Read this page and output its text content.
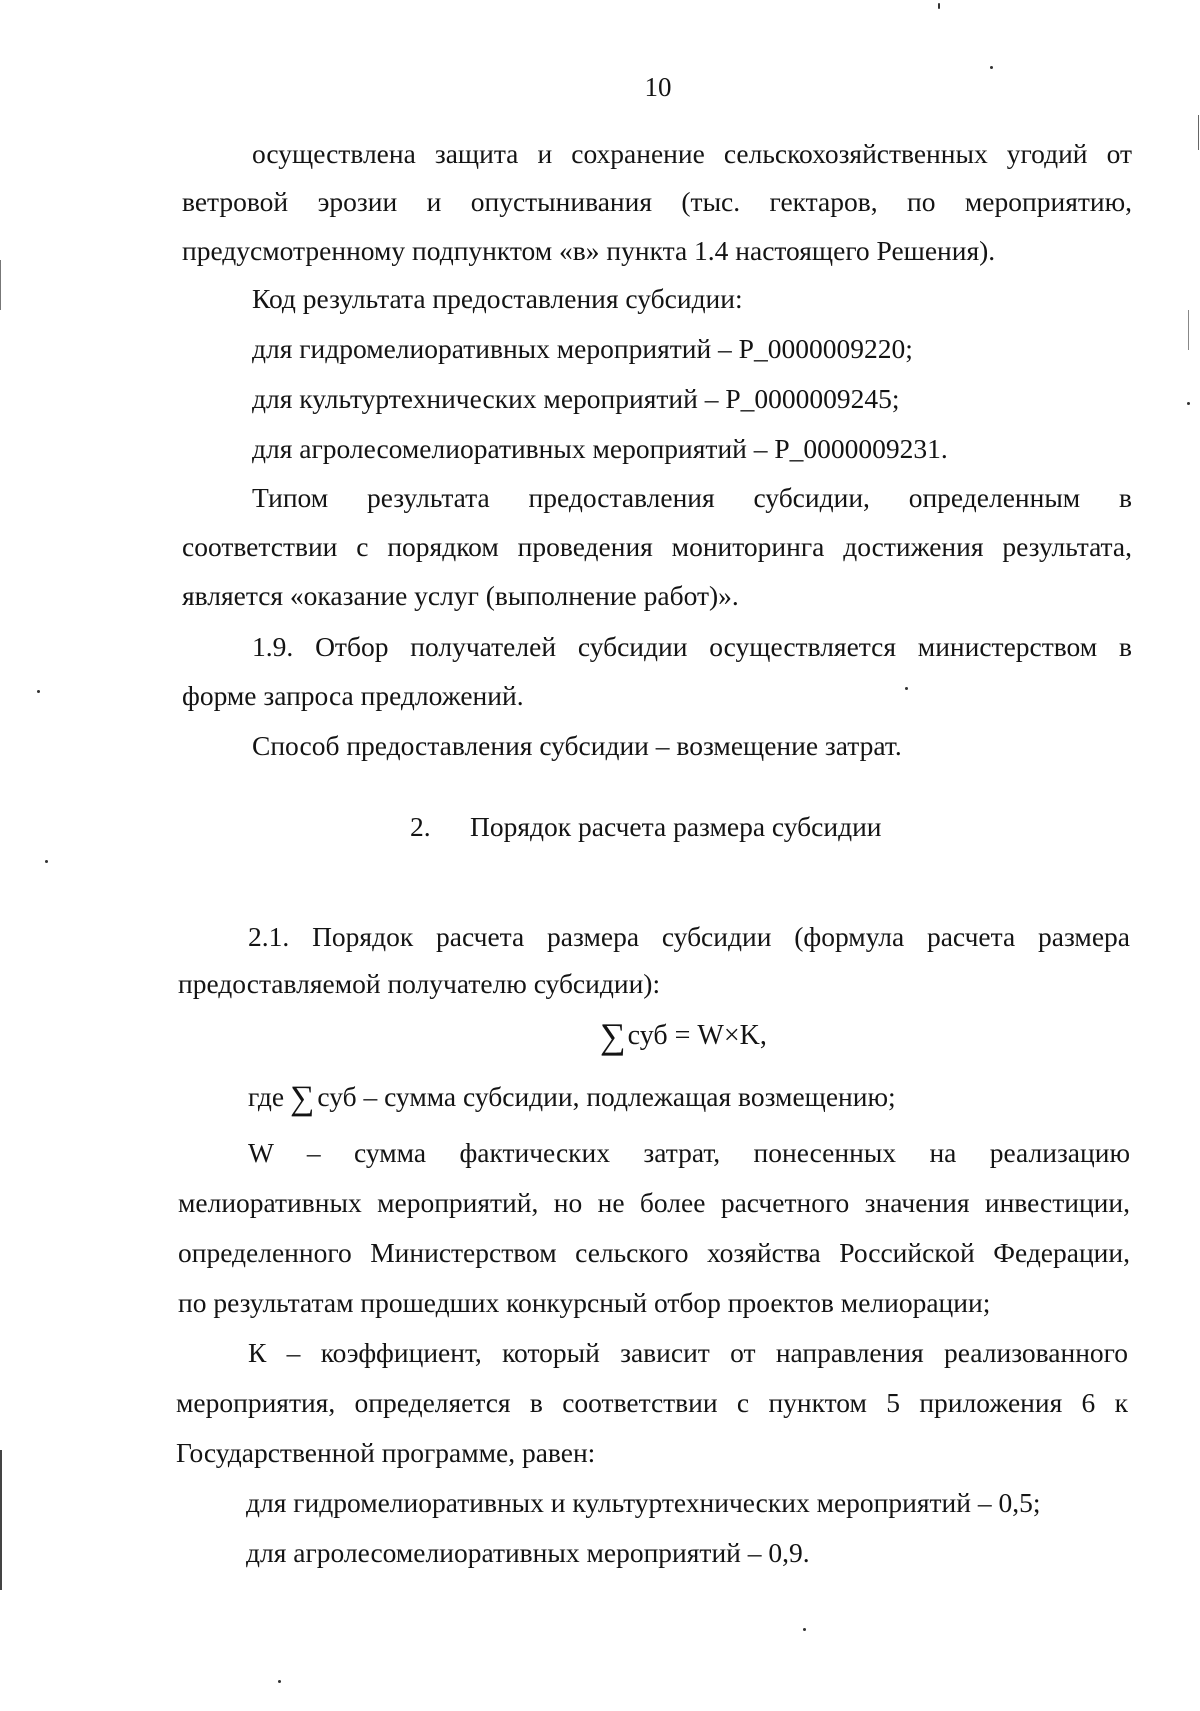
10
осуществлена защита и сохранение сельскохозяйственных угодий от
ветровой эрозии и опустынивания (тыс. гектаров, по мероприятию,
предусмотренному подпунктом «в» пункта 1.4 настоящего Решения).
Код результата предоставления субсидии:
для гидромелиоративных мероприятий – P_0000009220;
для культуртехнических мероприятий – P_0000009245;
для агролесомелиоративных мероприятий – P_0000009231.
Типом результата предоставления субсидии, определенным в
соответствии с порядком проведения мониторинга достижения результата,
является «оказание услуг (выполнение работ)».
1.9. Отбор получателей субсидии осуществляется министерством в
форме запроса предложений.
Способ предоставления субсидии – возмещение затрат.
2. Порядок расчета размера субсидии
2.1. Порядок расчета размера субсидии (формула расчета размера
предоставляемой получателю субсидии):
∑суб = W×K,
где ∑ суб – сумма субсидии, подлежащая возмещению;
W – сумма фактических затрат, понесенных на реализацию
мелиоративных мероприятий, но не более расчетного значения инвестиции,
определенного Министерством сельского хозяйства Российской Федерации,
по результатам прошедших конкурсный отбор проектов мелиорации;
К – коэффициент, который зависит от направления реализованного
мероприятия, определяется в соответствии с пунктом 5 приложения 6 к
Государственной программе, равен:
для гидромелиоративных и культуртехнических мероприятий – 0,5;
для агролесомелиоративных мероприятий – 0,9.
